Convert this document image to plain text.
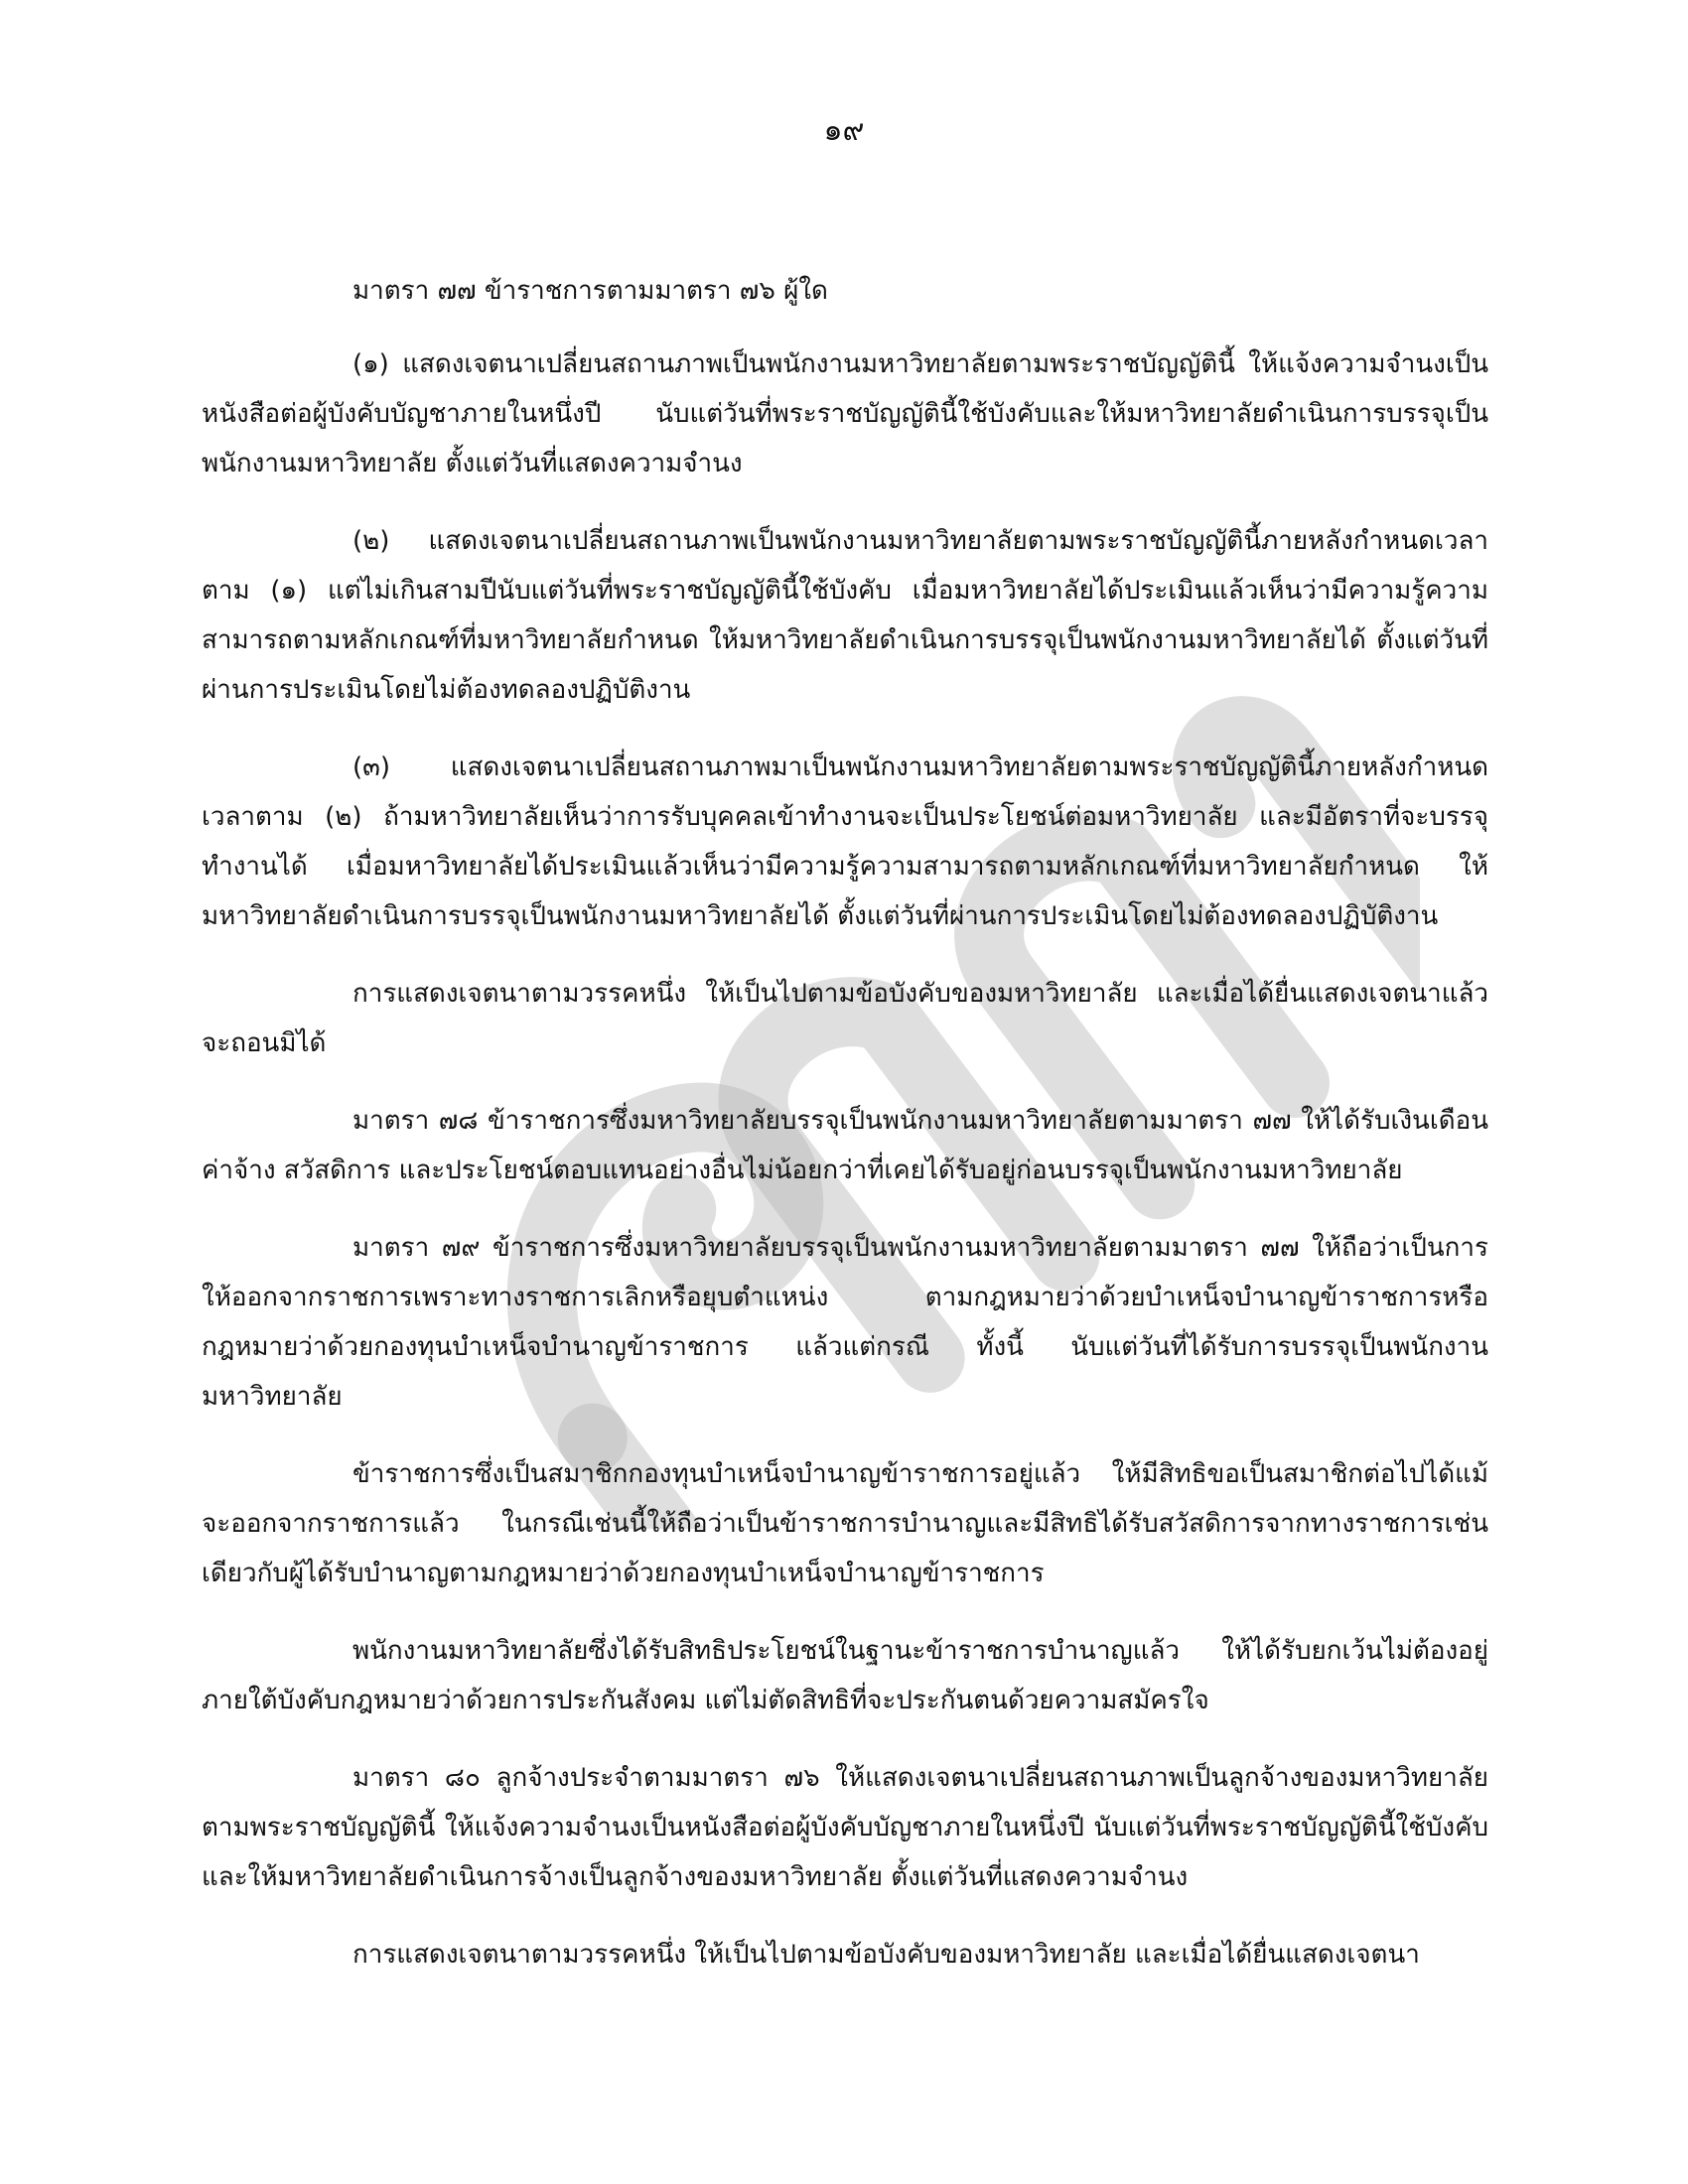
๑๙

มาตรา ๗๗ ข้าราชการตามมาตรา ๗๖ ผู้ใด

(๑) แสดงเจตนาเปลี่ยนสถานภาพเป็นพนักงานมหาวิทยาลัยตามพระราชบัญญัตินี้ ให้แจ้งความจำนงเป็นหนังสือต่อผู้บังคับบัญชาภายในหนึ่งปี นับแต่วันที่พระราชบัญญัตินี้ใช้บังคับและให้มหาวิทยาลัยดำเนินการบรรจุเป็นพนักงานมหาวิทยาลัย ตั้งแต่วันที่แสดงความจำนง

(๒) แสดงเจตนาเปลี่ยนสถานภาพเป็นพนักงานมหาวิทยาลัยตามพระราชบัญญัตินี้ภายหลังกำหนดเวลาตาม (๑) แต่ไม่เกินสามปีนับแต่วันที่พระราชบัญญัตินี้ใช้บังคับ เมื่อมหาวิทยาลัยได้ประเมินแล้วเห็นว่ามีความรู้ความสามารถตามหลักเกณฑ์ที่มหาวิทยาลัยกำหนด ให้มหาวิทยาลัยดำเนินการบรรจุเป็นพนักงานมหาวิทยาลัยได้ ตั้งแต่วันที่ผ่านการประเมินโดยไม่ต้องทดลองปฏิบัติงาน

(๓) แสดงเจตนาเปลี่ยนสถานภาพมาเป็นพนักงานมหาวิทยาลัยตามพระราชบัญญัตินี้ภายหลังกำหนดเวลาตาม (๒) ถ้ามหาวิทยาลัยเห็นว่าการรับบุคคลเข้าทำงานจะเป็นประโยชน์ต่อมหาวิทยาลัย และมีอัตราที่จะบรรจุทำงานได้ เมื่อมหาวิทยาลัยได้ประเมินแล้วเห็นว่ามีความรู้ความสามารถตามหลักเกณฑ์ที่มหาวิทยาลัยกำหนด ให้มหาวิทยาลัยดำเนินการบรรจุเป็นพนักงานมหาวิทยาลัยได้ ตั้งแต่วันที่ผ่านการประเมินโดยไม่ต้องทดลองปฏิบัติงาน

การแสดงเจตนาตามวรรคหนึ่ง ให้เป็นไปตามข้อบังคับของมหาวิทยาลัย และเมื่อได้ยื่นแสดงเจตนาแล้วจะถอนมิได้

มาตรา ๗๘ ข้าราชการซึ่งมหาวิทยาลัยบรรจุเป็นพนักงานมหาวิทยาลัยตามมาตรา ๗๗ ให้ได้รับเงินเดือน ค่าจ้าง สวัสดิการ และประโยชน์ตอบแทนอย่างอื่นไม่น้อยกว่าที่เคยได้รับอยู่ก่อนบรรจุเป็นพนักงานมหาวิทยาลัย

มาตรา ๗๙ ข้าราชการซึ่งมหาวิทยาลัยบรรจุเป็นพนักงานมหาวิทยาลัยตามมาตรา ๗๗ ให้ถือว่าเป็นการให้ออกจากราชการเพราะทางราชการเลิกหรือยุบตำแหน่ง ตามกฎหมายว่าด้วยบำเหน็จบำนาญข้าราชการหรือกฎหมายว่าด้วยกองทุนบำเหน็จบำนาญข้าราชการ แล้วแต่กรณี ทั้งนี้ นับแต่วันที่ได้รับการบรรจุเป็นพนักงานมหาวิทยาลัย

ข้าราชการซึ่งเป็นสมาชิกกองทุนบำเหน็จบำนาญข้าราชการอยู่แล้ว ให้มีสิทธิขอเป็นสมาชิกต่อไปได้แม้จะออกจากราชการแล้ว ในกรณีเช่นนี้ให้ถือว่าเป็นข้าราชการบำนาญและมีสิทธิได้รับสวัสดิการจากทางราชการเช่นเดียวกับผู้ได้รับบำนาญตามกฎหมายว่าด้วยกองทุนบำเหน็จบำนาญข้าราชการ

พนักงานมหาวิทยาลัยซึ่งได้รับสิทธิประโยชน์ในฐานะข้าราชการบำนาญแล้ว ให้ได้รับยกเว้นไม่ต้องอยู่ภายใต้บังคับกฎหมายว่าด้วยการประกันสังคม แต่ไม่ตัดสิทธิที่จะประกันตนด้วยความสมัครใจ

มาตรา ๘๐ ลูกจ้างประจำตามมาตรา ๗๖ ให้แสดงเจตนาเปลี่ยนสถานภาพเป็นลูกจ้างของมหาวิทยาลัยตามพระราชบัญญัตินี้ ให้แจ้งความจำนงเป็นหนังสือต่อผู้บังคับบัญชาภายในหนึ่งปี นับแต่วันที่พระราชบัญญัตินี้ใช้บังคับและให้มหาวิทยาลัยดำเนินการจ้างเป็นลูกจ้างของมหาวิทยาลัย ตั้งแต่วันที่แสดงความจำนง

การแสดงเจตนาตามวรรคหนึ่ง ให้เป็นไปตามข้อบังคับของมหาวิทยาลัย และเมื่อได้ยื่นแสดงเจตนา
